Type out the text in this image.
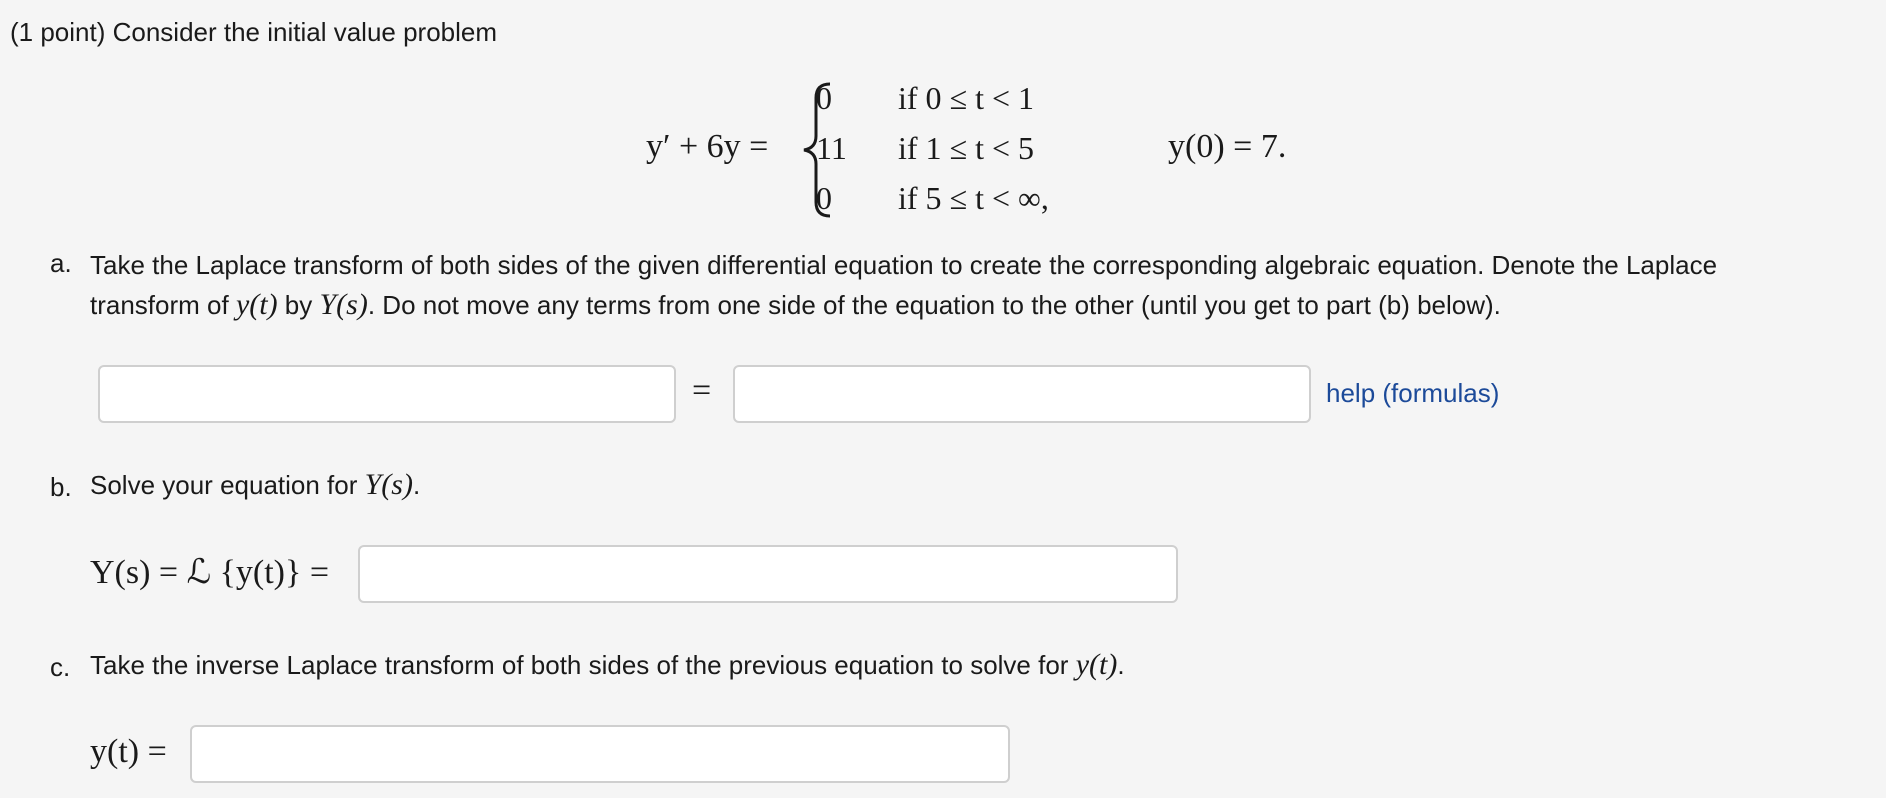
(1 point) Consider the initial value problem
y′ + 6y =
0 if 0 ≤ t < 1
11 if 1 ≤ t < 5
0 if 5 ≤ t < ∞,
y(0) = 7.
a. Take the Laplace transform of both sides of the given differential equation to create the corresponding algebraic equation. Denote the Laplace
transform of y(t) by Y(s). Do not move any terms from one side of the equation to the other (until you get to part (b) below).
=	help (formulas)
b. Solve your equation for Y(s).
Y(s) = ℒ {y(t)} =
c. Take the inverse Laplace transform of both sides of the previous equation to solve for y(t).
y(t) =
